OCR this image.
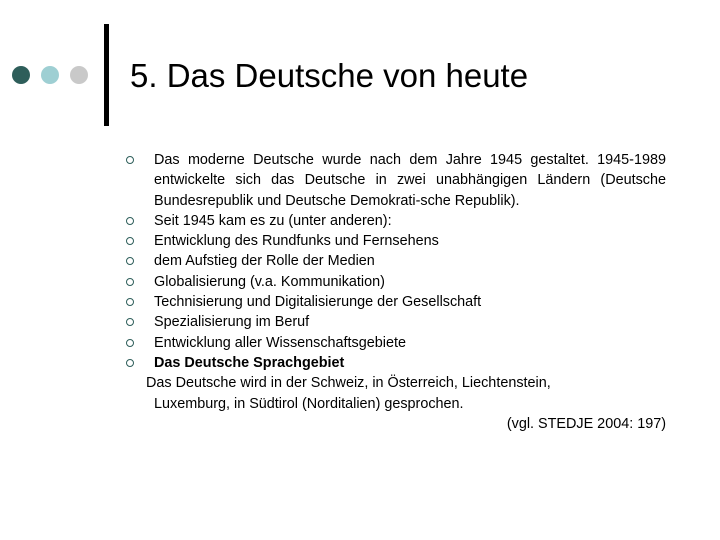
5. Das Deutsche von heute
Das moderne Deutsche wurde nach dem Jahre 1945 gestaltet. 1945-1989 entwickelte sich das Deutsche in zwei unabhängigen Ländern (Deutsche Bundesrepublik und Deutsche Demokrati-sche Republik).
Seit 1945 kam es zu (unter anderen):
Entwicklung des Rundfunks und Fernsehens
dem Aufstieg der Rolle der Medien
Globalisierung (v.a. Kommunikation)
Technisierung und Digitalisierunge der Gesellschaft
Spezialisierung im Beruf
Entwicklung aller Wissenschaftsgebiete
Das Deutsche Sprachgebiet
Das Deutsche wird in der Schweiz, in Österreich, Liechtenstein,
Luxemburg, in Südtirol (Norditalien) gesprochen.
(vgl. STEDJE 2004: 197)
